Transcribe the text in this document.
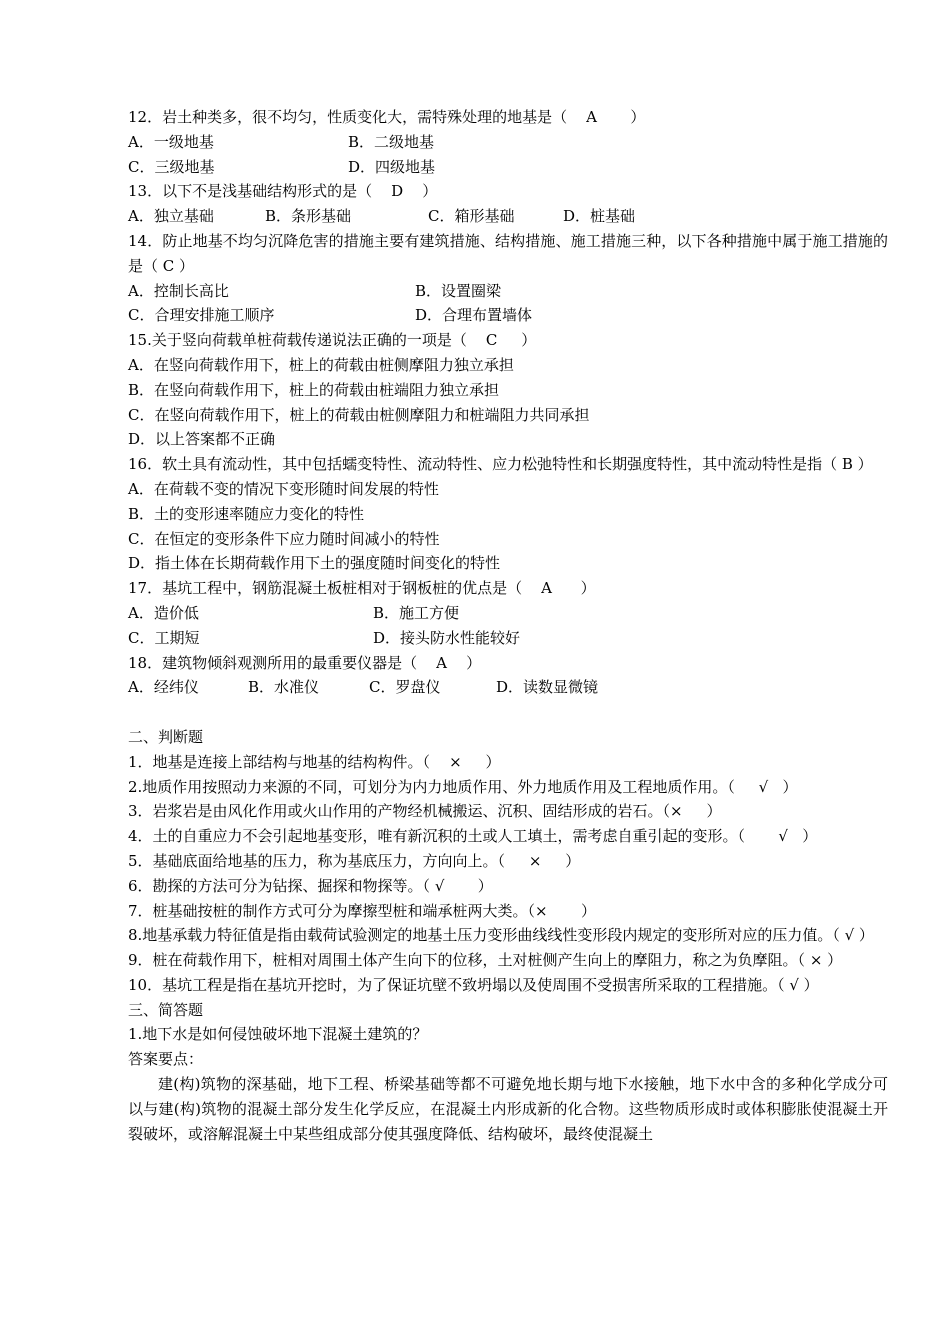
12．岩土种类多，很不均匀，性质变化大，需特殊处理的地基是（    A       ）
A．一级地基	B．二级地基
C．三级地基	D．四级地基
13．以下不是浅基础结构形式的是（    D    ）
A．独立基础	B．条形基础	C．箱形基础	D．桩基础
14．防止地基不均匀沉降危害的措施主要有建筑措施、结构措施、施工措施三种，以下各种措施中属于施工措施的是（ C ）
A．控制长高比	B．设置圈梁
C．合理安排施工顺序	D．合理布置墙体
15.关于竖向荷载单桩荷载传递说法正确的一项是（    C     ）
A．在竖向荷载作用下，桩上的荷载由桩侧摩阻力独立承担
B．在竖向荷载作用下，桩上的荷载由桩端阻力独立承担
C．在竖向荷载作用下，桩上的荷载由桩侧摩阻力和桩端阻力共同承担
D．以上答案都不正确
16．软土具有流动性，其中包括蠕变特性、流动特性、应力松弛特性和长期强度特性，其中流动特性是指（ B ）
A．在荷载不变的情况下变形随时间发展的特性
B．土的变形速率随应力变化的特性
C．在恒定的变形条件下应力随时间减小的特性
D．指土体在长期荷载作用下土的强度随时间变化的特性
17．基坑工程中，钢筋混凝土板桩相对于钢板桩的优点是（    A      ）
A．造价低	B．施工方便
C．工期短	D．接头防水性能较好
18．建筑物倾斜观测所用的最重要仪器是（    A    ）
A．经纬仪	B．水准仪	C．罗盘仪	D．读数显微镜
二、判断题
1．地基是连接上部结构与地基的结构构件。（    ×     ）
2.地质作用按照动力来源的不同，可划分为内力地质作用、外力地质作用及工程地质作用。（     √   ）
3．岩浆岩是由风化作用或火山作用的产物经机械搬运、沉积、固结形成的岩石。（×     ）
4．土的自重应力不会引起地基变形，唯有新沉积的土或人工填土，需考虑自重引起的变形。（       √   ）
5．基础底面给地基的压力，称为基底压力，方向向上。（     ×     ）
6．勘探的方法可分为钻探、掘探和物探等。（ √       ）
7．桩基础按桩的制作方式可分为摩擦型桩和端承桩两大类。（×       ）
8.地基承载力特征值是指由载荷试验测定的地基土压力变形曲线线性变形段内规定的变形所对应的压力值。（ √ ）
9．桩在荷载作用下，桩相对周围土体产生向下的位移，土对桩侧产生向上的摩阻力，称之为负摩阻。（ × ）
10．基坑工程是指在基坑开挖时，为了保证坑壁不致坍塌以及使周围不受损害所采取的工程措施。（ √ ）
三、简答题
1.地下水是如何侵蚀破坏地下混凝土建筑的？
答案要点：
建(构)筑物的深基础，地下工程、桥梁基础等都不可避免地长期与地下水接触，地下水中含的多种化学成分可以与建(构)筑物的混凝土部分发生化学反应，在混凝土内形成新的化合物。这些物质形成时或体积膨胀使混凝土开裂破坏，或溶解混凝土中某些组成部分使其强度降低、结构破坏，最终使混凝土
